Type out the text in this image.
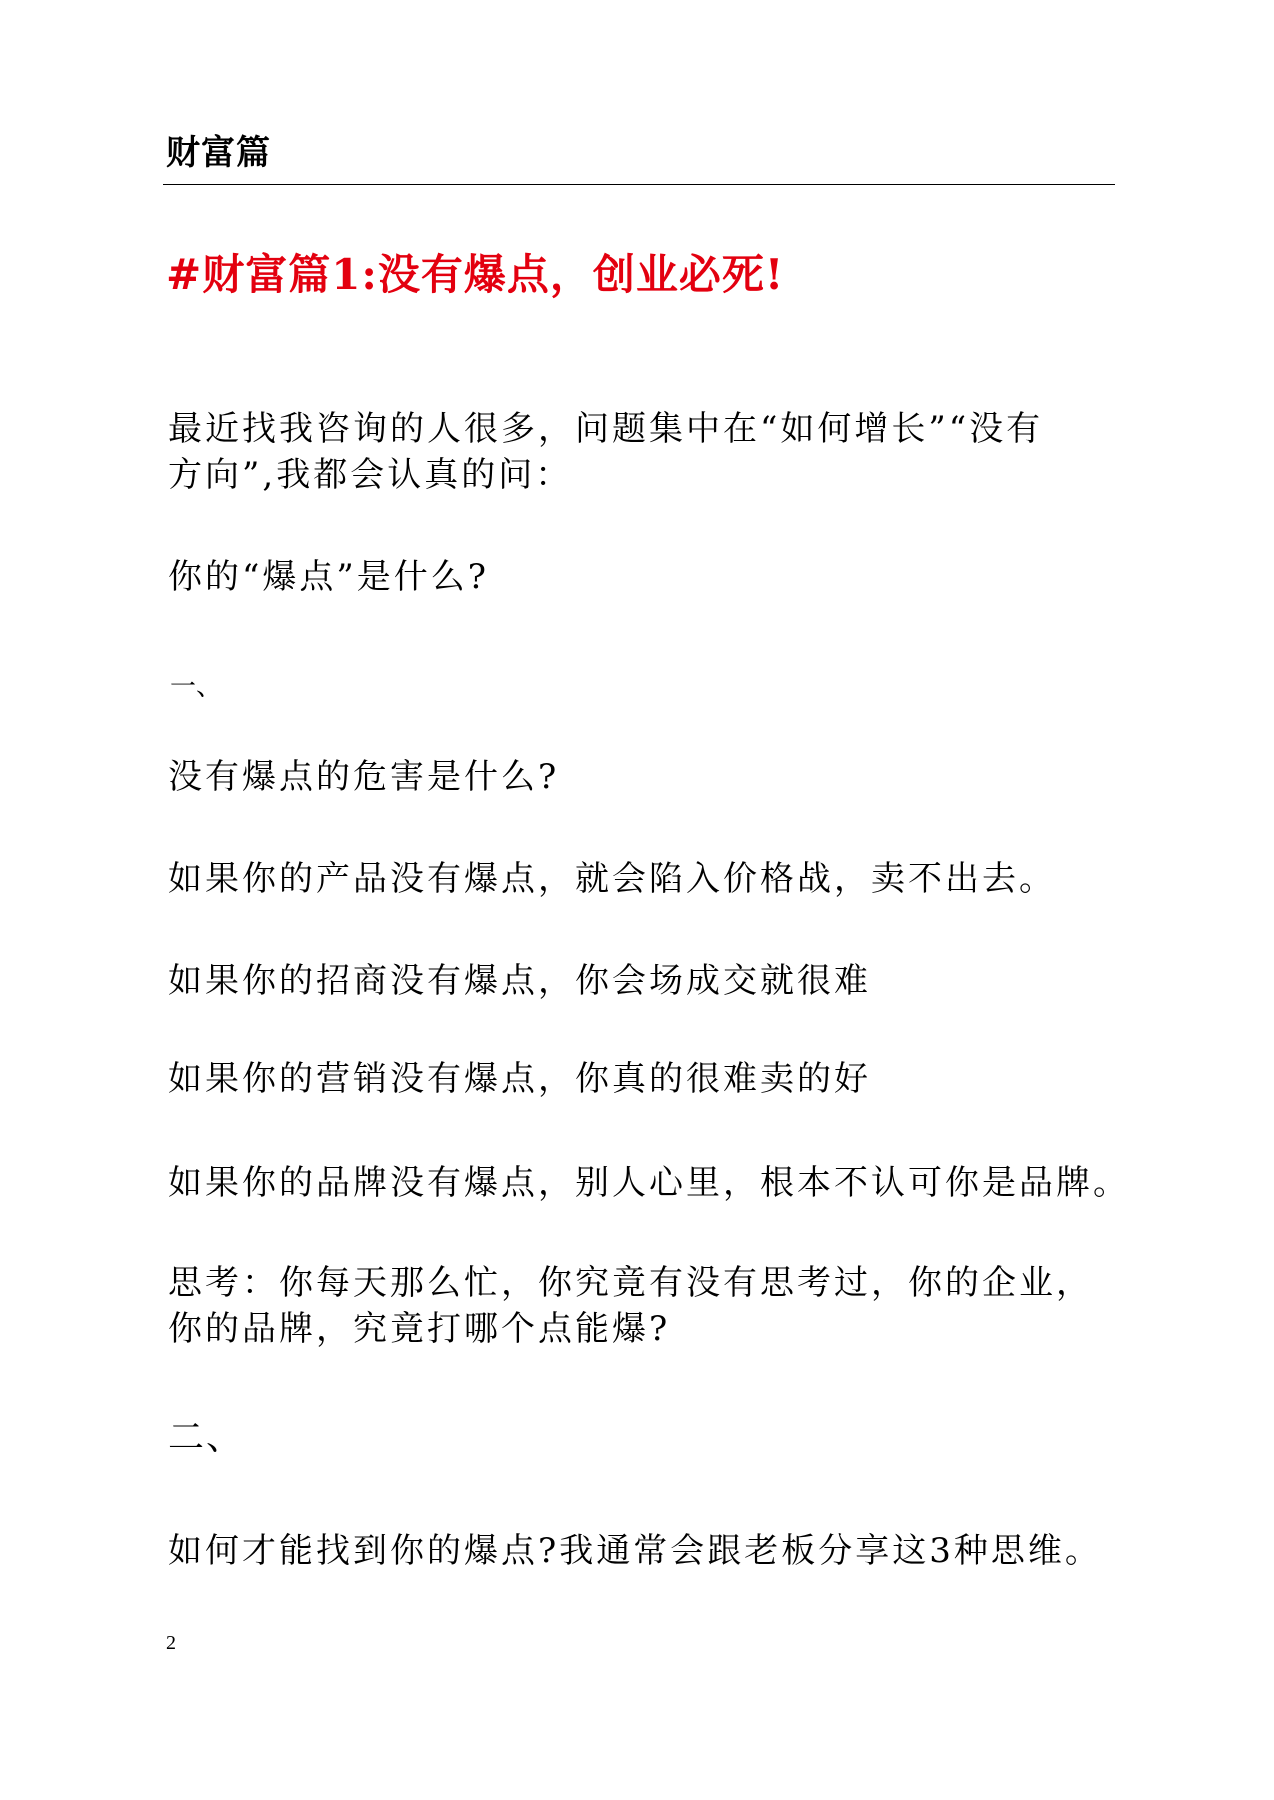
财富篇
#财富篇1:没有爆点，创业必死!

最近找我咨询的人很多，问题集中在“如何增长”“没有
方向”,我都会认真的问：

你的“爆点”是什么?

一、

没有爆点的危害是什么?

如果你的产品没有爆点，就会陷入价格战，卖不出去。

如果你的招商没有爆点，你会场成交就很难

如果你的营销没有爆点，你真的很难卖的好

如果你的品牌没有爆点，别人心里，根本不认可你是品牌。

思考：你每天那么忙，你究竟有没有思考过，你的企业，
你的品牌，究竟打哪个点能爆?

二、

如何才能找到你的爆点?我通常会跟老板分享这3种思维。

2
